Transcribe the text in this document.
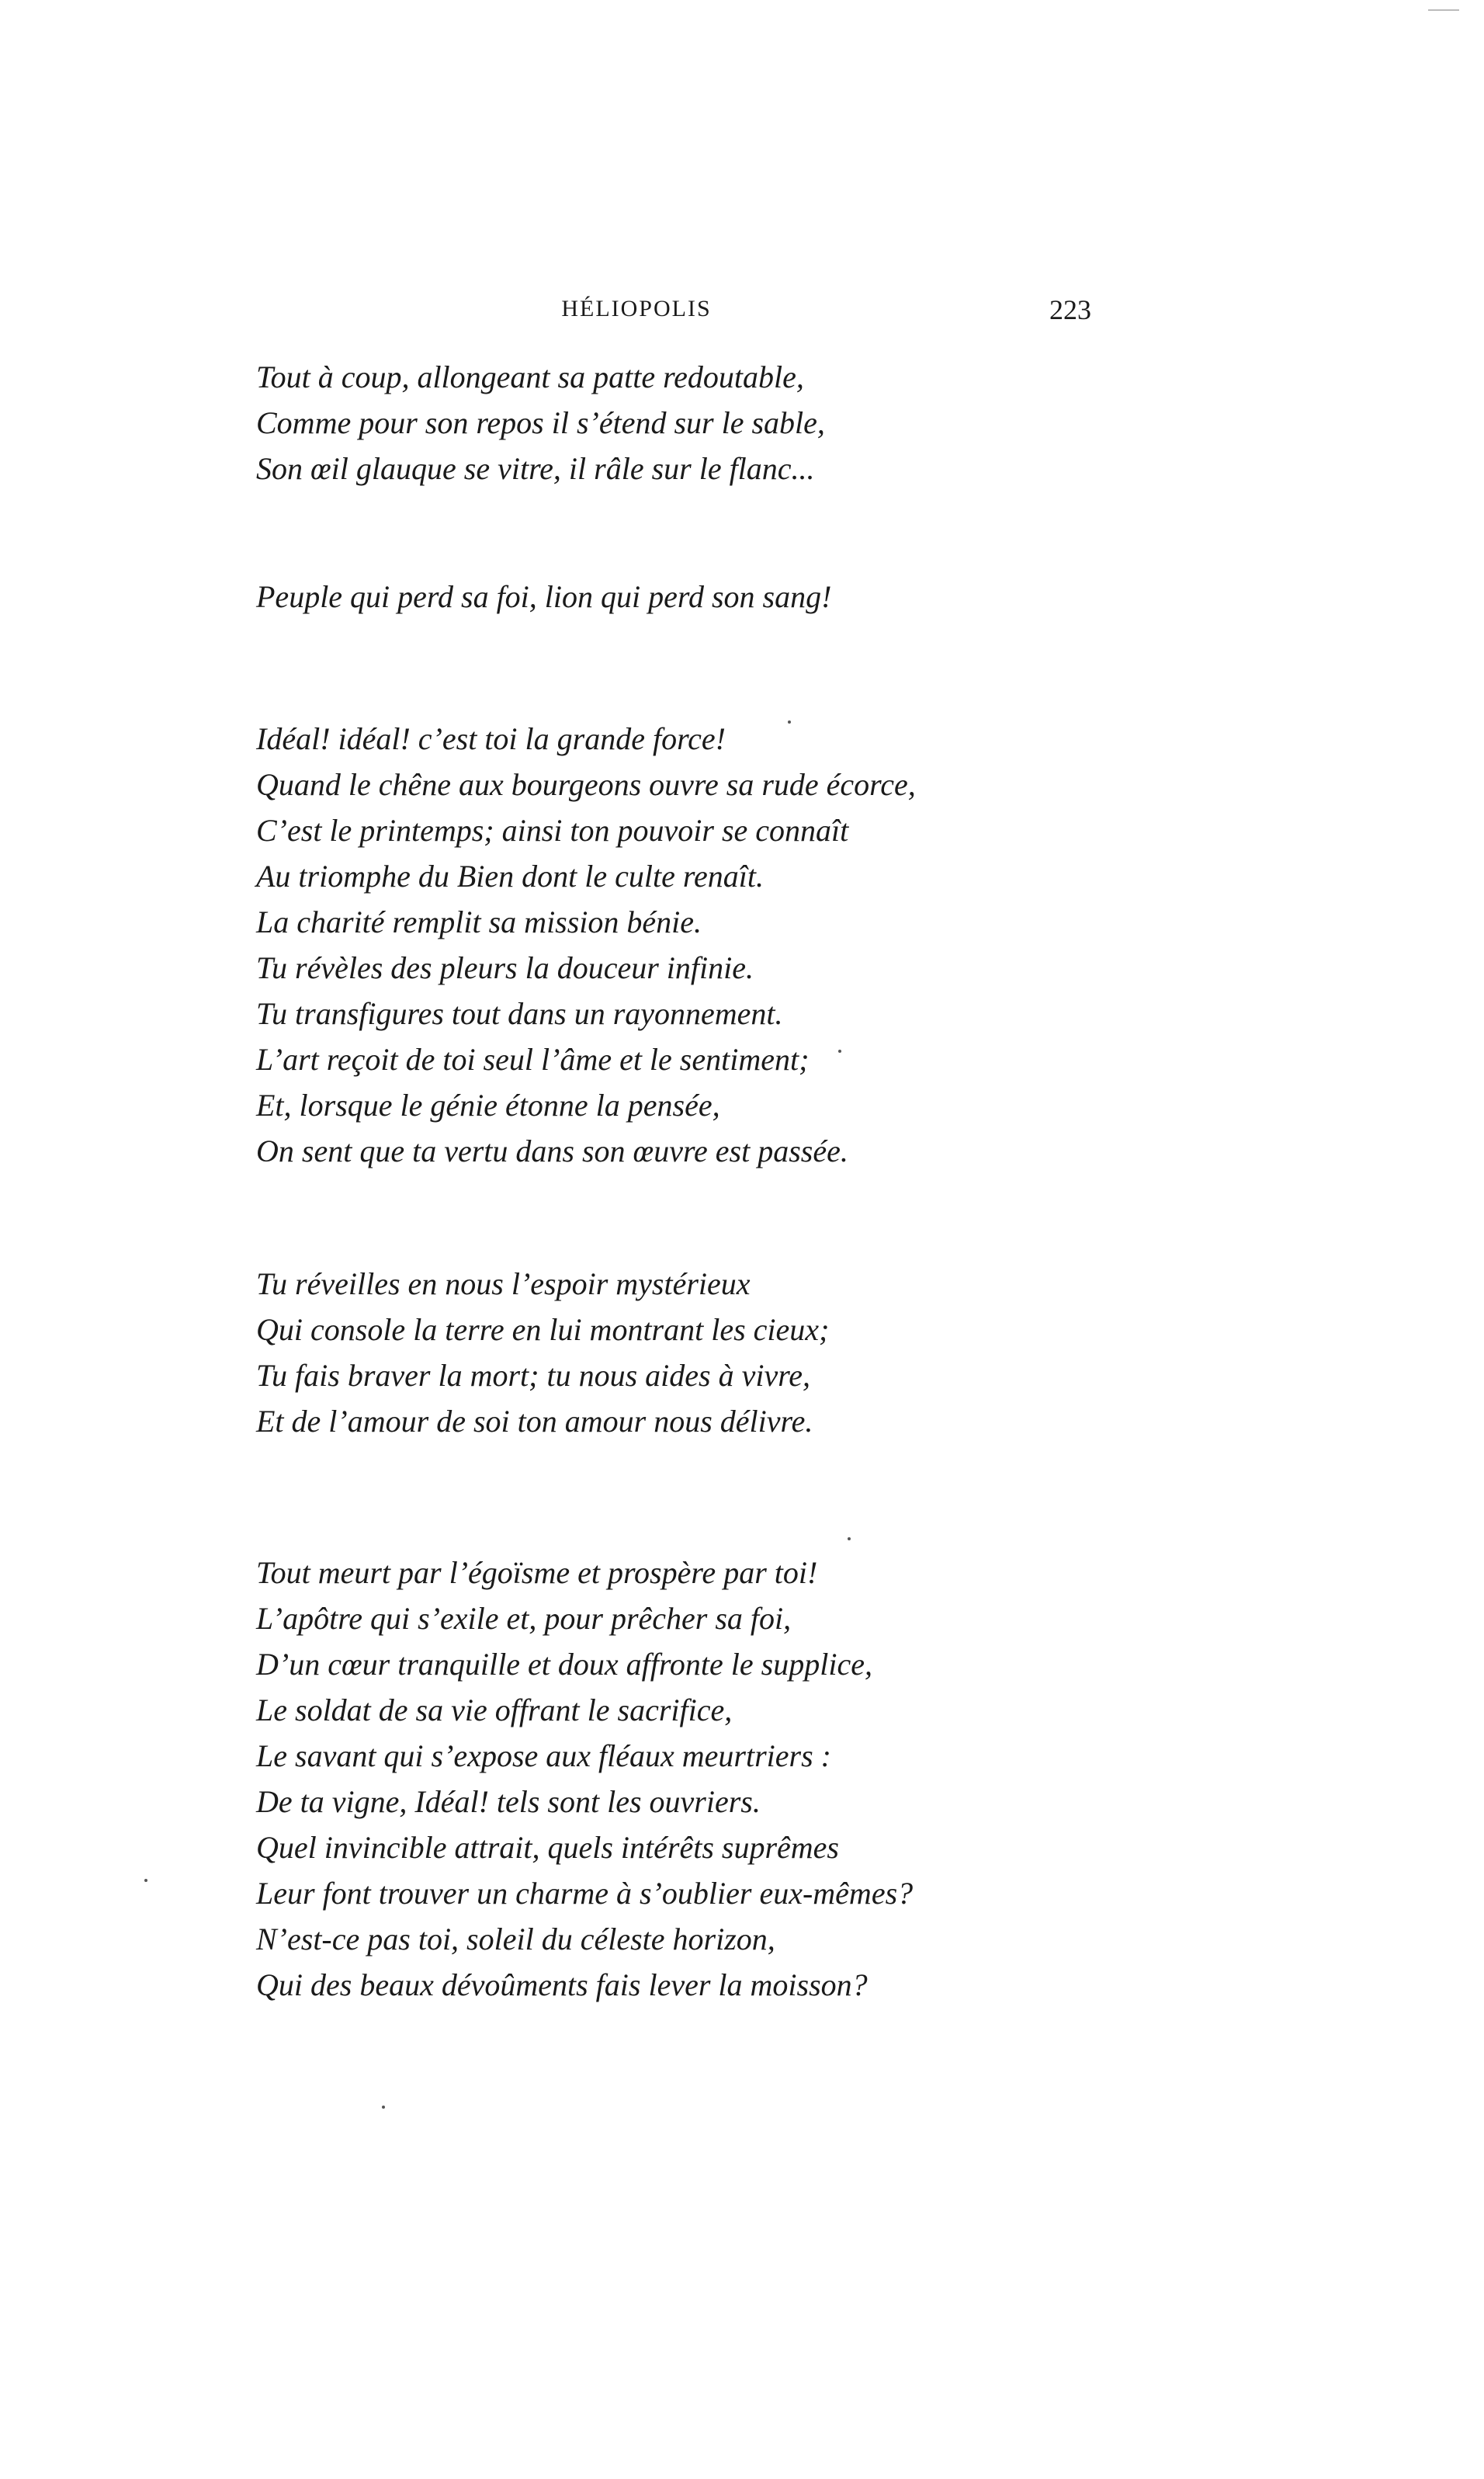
HÉLIOPOLIS	223
Tout à coup, allongeant sa patte redoutable,
Comme pour son repos il s’étend sur le sable,
Son œil glauque se vitre, il râle sur le flanc...
Peuple qui perd sa foi, lion qui perd son sang!
Idéal! idéal! c’est toi la grande force!
Quand le chêne aux bourgeons ouvre sa rude écorce,
C’est le printemps; ainsi ton pouvoir se connaît
Au triomphe du Bien dont le culte renaît.
La charité remplit sa mission bénie.
Tu révèles des pleurs la douceur infinie.
Tu transfigures tout dans un rayonnement.
L’art reçoit de toi seul l’âme et le sentiment;
Et, lorsque le génie étonne la pensée,
On sent que ta vertu dans son œuvre est passée.
Tu réveilles en nous l’espoir mystérieux
Qui console la terre en lui montrant les cieux;
Tu fais braver la mort; tu nous aides à vivre,
Et de l’amour de soi ton amour nous délivre.
Tout meurt par l’égoïsme et prospère par toi!
L’apôtre qui s’exile et, pour prêcher sa foi,
D’un cœur tranquille et doux affronte le supplice,
Le soldat de sa vie offrant le sacrifice,
Le savant qui s’expose aux fléaux meurtriers :
De ta vigne, Idéal! tels sont les ouvriers.
Quel invincible attrait, quels intérêts suprêmes
Leur font trouver un charme à s’oublier eux-mêmes?
N’est-ce pas toi, soleil du céleste horizon,
Qui des beaux dévoûments fais lever la moisson?
